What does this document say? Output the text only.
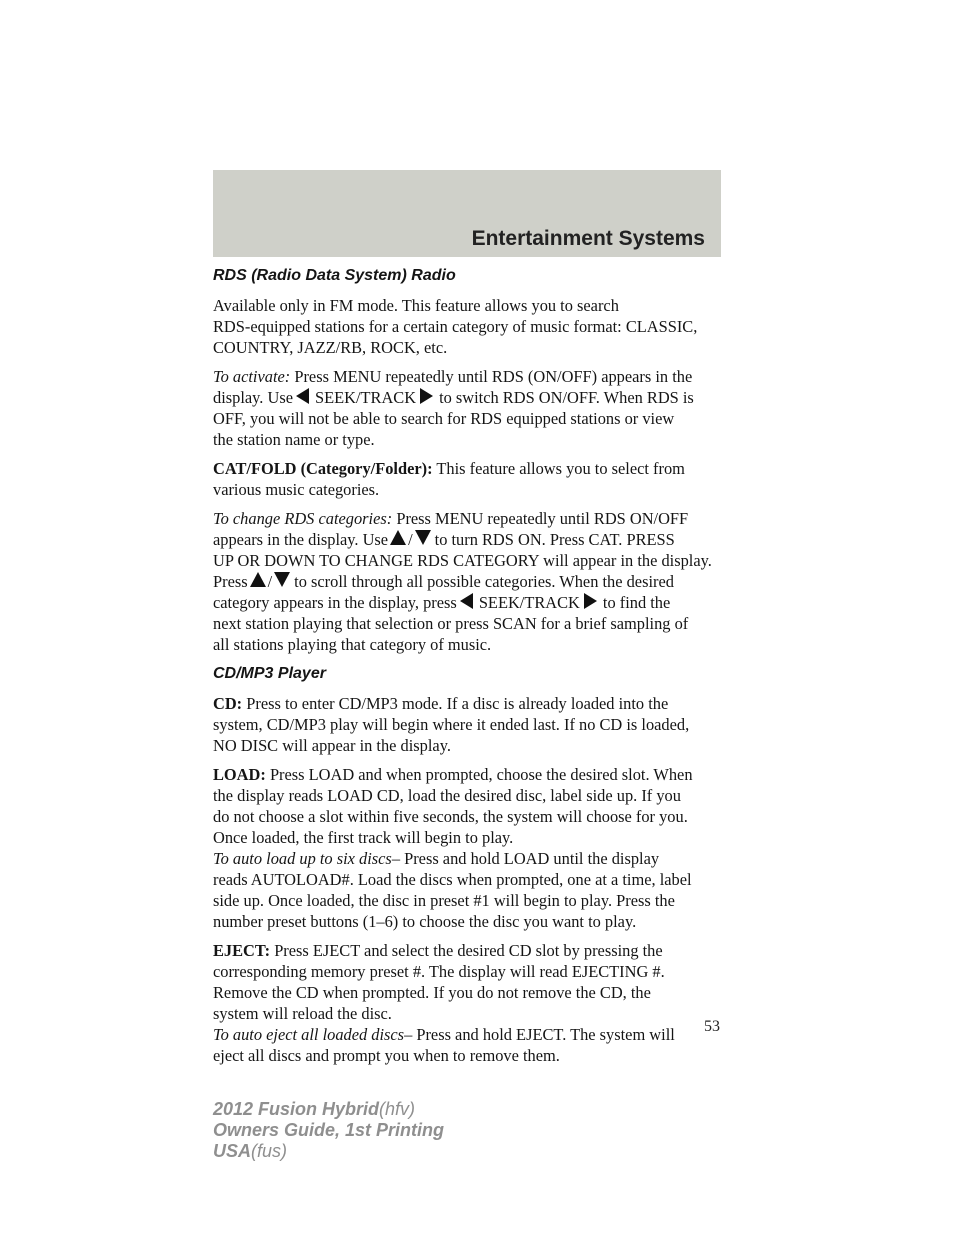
Entertainment Systems
RDS (Radio Data System) Radio
Available only in FM mode. This feature allows you to search
RDS-equipped stations for a certain category of music format: CLASSIC,
COUNTRY, JAZZ/RB, ROCK, etc.
To activate: Press MENU repeatedly until RDS (ON/OFF) appears in the
display. Use SEEK/TRACK to switch RDS ON/OFF. When RDS is
OFF, you will not be able to search for RDS equipped stations or view
the station name or type.
CAT/FOLD (Category/Folder): This feature allows you to select from
various music categories.
To change RDS categories: Press MENU repeatedly until RDS ON/OFF
appears in the display. Use / to turn RDS ON. Press CAT. PRESS
UP OR DOWN TO CHANGE RDS CATEGORY will appear in the display.
Press / to scroll through all possible categories. When the desired
category appears in the display, press SEEK/TRACK to find the
next station playing that selection or press SCAN for a brief sampling of
all stations playing that category of music.
CD/MP3 Player
CD: Press to enter CD/MP3 mode. If a disc is already loaded into the
system, CD/MP3 play will begin where it ended last. If no CD is loaded,
NO DISC will appear in the display.
LOAD: Press LOAD and when prompted, choose the desired slot. When
the display reads LOAD CD, load the desired disc, label side up. If you
do not choose a slot within five seconds, the system will choose for you.
Once loaded, the first track will begin to play.
To auto load up to six discs– Press and hold LOAD until the display
reads AUTOLOAD#. Load the discs when prompted, one at a time, label
side up. Once loaded, the disc in preset #1 will begin to play. Press the
number preset buttons (1–6) to choose the disc you want to play.
EJECT: Press EJECT and select the desired CD slot by pressing the
corresponding memory preset #. The display will read EJECTING #.
Remove the CD when prompted. If you do not remove the CD, the
system will reload the disc.
To auto eject all loaded discs– Press and hold EJECT. The system will
eject all discs and prompt you when to remove them.
53
2012 Fusion Hybrid(hfv)
Owners Guide, 1st Printing
USA(fus)
